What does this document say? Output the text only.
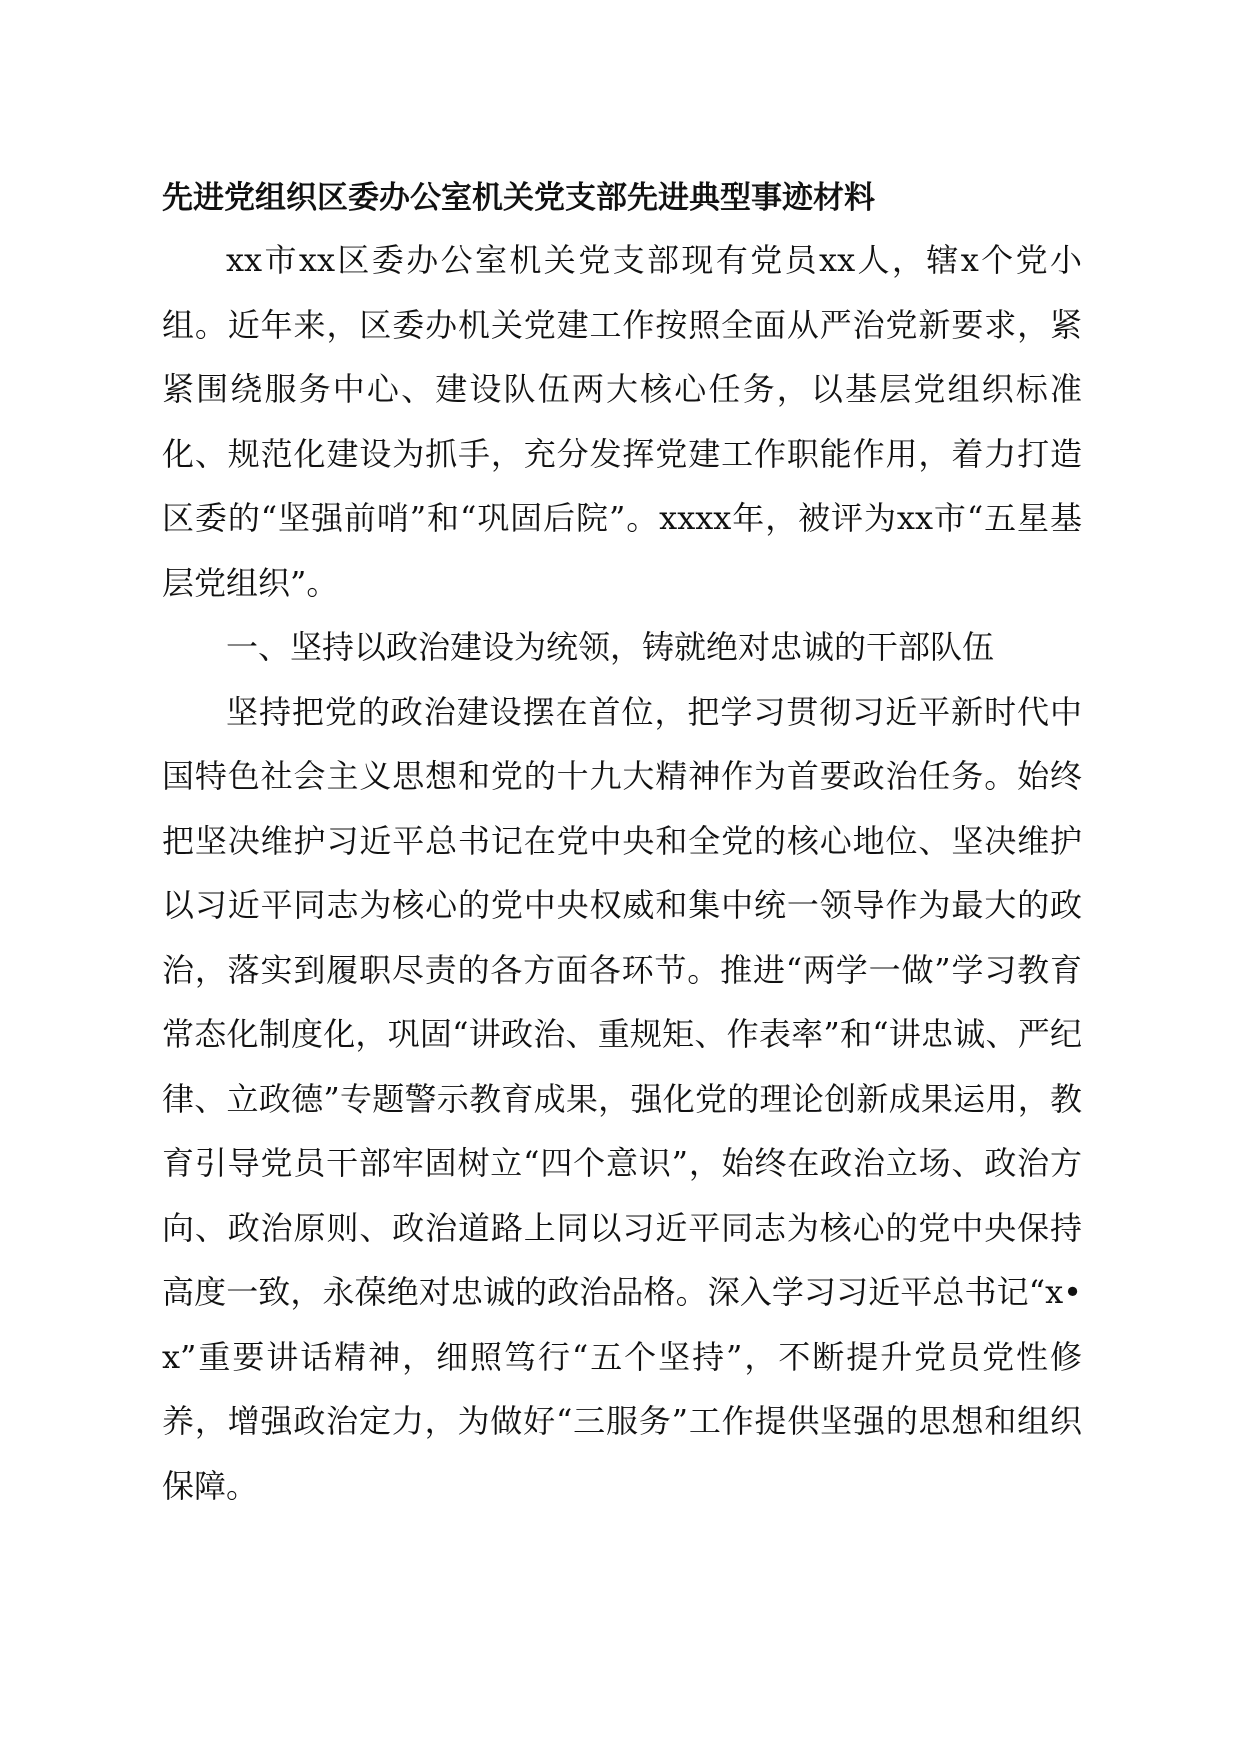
先进党组织区委办公室机关党支部先进典型事迹材料

xx市xx区委办公室机关党支部现有党员xx人，辖x个党小组。近年来，区委办机关党建工作按照全面从严治党新要求，紧紧围绕服务中心、建设队伍两大核心任务，以基层党组织标准化、规范化建设为抓手，充分发挥党建工作职能作用，着力打造区委的“坚强前哨”和“巩固后院”。xxxx年，被评为xx市“五星基层党组织”。

一、坚持以政治建设为统领，铸就绝对忠诚的干部队伍

坚持把党的政治建设摆在首位，把学习贯彻习近平新时代中国特色社会主义思想和党的十九大精神作为首要政治任务。始终把坚决维护习近平总书记在党中央和全党的核心地位、坚决维护以习近平同志为核心的党中央权威和集中统一领导作为最大的政治，落实到履职尽责的各方面各环节。推进“两学一做”学习教育常态化制度化，巩固“讲政治、重规矩、作表率”和“讲忠诚、严纪律、立政德”专题警示教育成果，强化党的理论创新成果运用，教育引导党员干部牢固树立“四个意识”，始终在政治立场、政治方向、政治原则、政治道路上同以习近平同志为核心的党中央保持高度一致，永葆绝对忠诚的政治品格。深入学习习近平总书记“x•x”重要讲话精神，细照笃行“五个坚持”，不断提升党员党性修养，增强政治定力，为做好“三服务”工作提供坚强的思想和组织保障。
